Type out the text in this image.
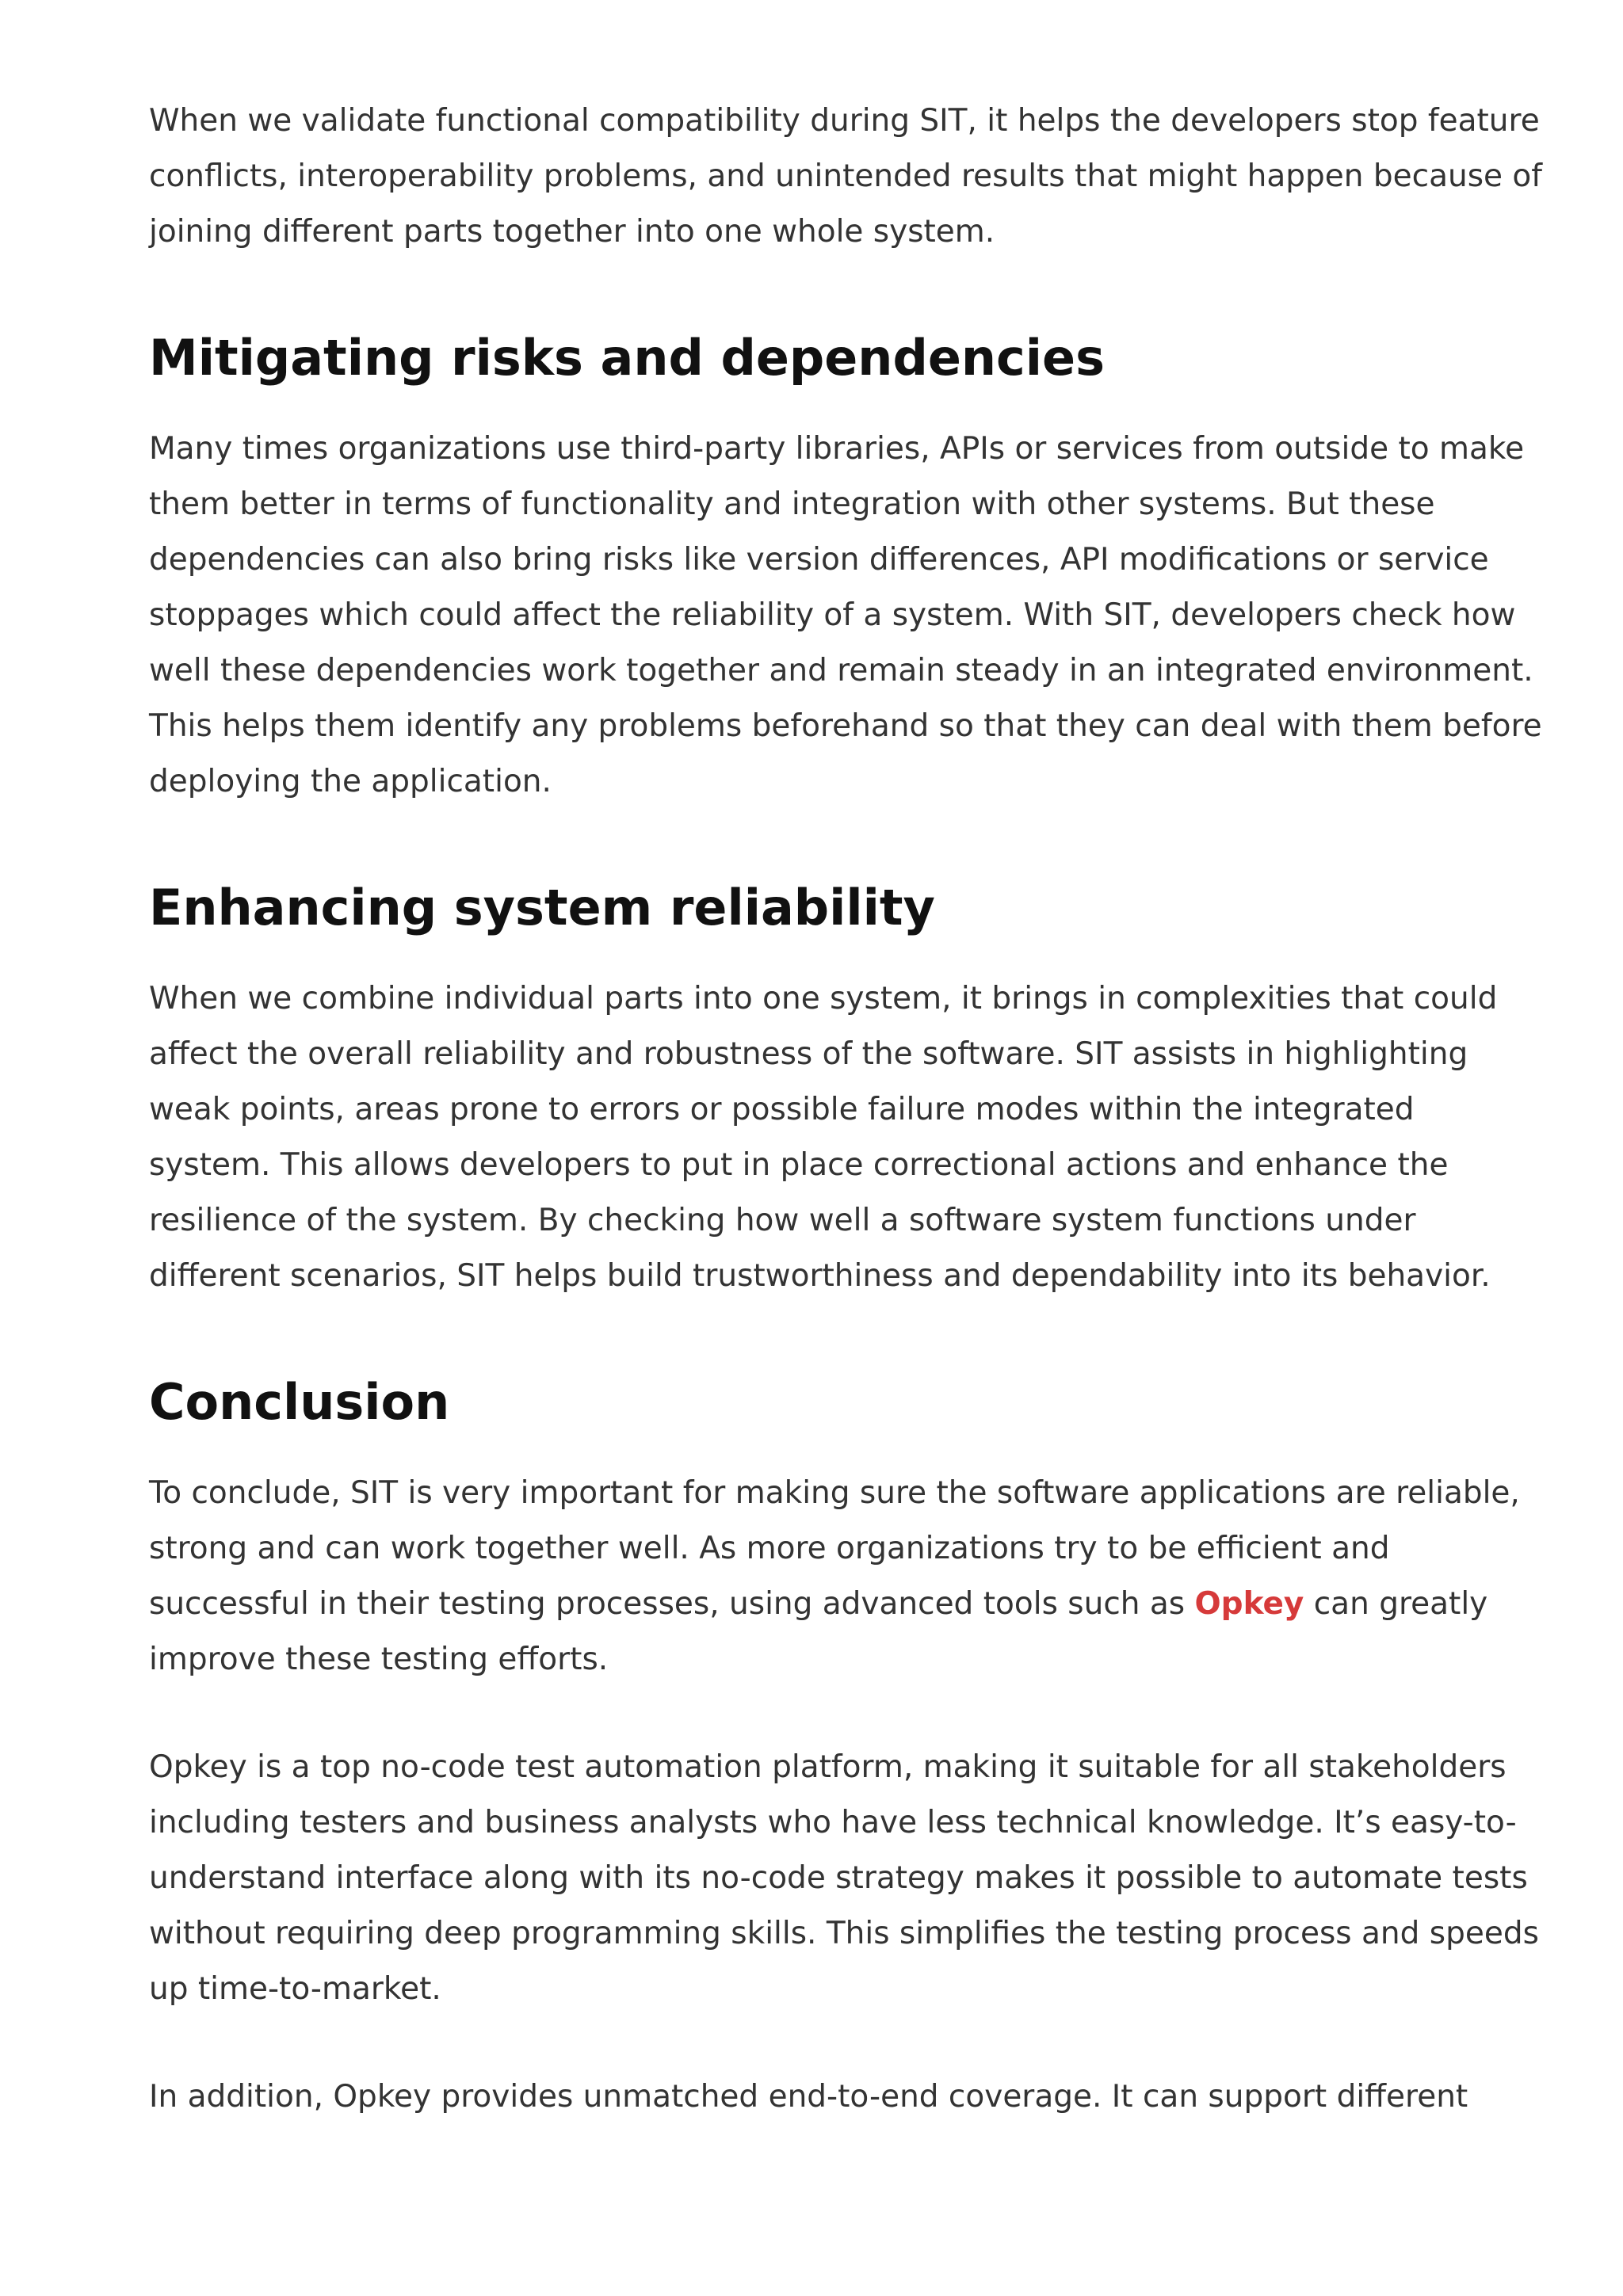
When we validate functional compatibility during SIT, it helps the developers stop feature conflicts, interoperability problems, and unintended results that might happen because of joining different parts together into one whole system.

Mitigating risks and dependencies

Many times organizations use third-party libraries, APIs or services from outside to make them better in terms of functionality and integration with other systems. But these dependencies can also bring risks like version differences, API modifications or service stoppages which could affect the reliability of a system. With SIT, developers check how well these dependencies work together and remain steady in an integrated environment. This helps them identify any problems beforehand so that they can deal with them before deploying the application.

Enhancing system reliability

When we combine individual parts into one system, it brings in complexities that could affect the overall reliability and robustness of the software. SIT assists in highlighting weak points, areas prone to errors or possible failure modes within the integrated system. This allows developers to put in place correctional actions and enhance the resilience of the system. By checking how well a software system functions under different scenarios, SIT helps build trustworthiness and dependability into its behavior.

Conclusion

To conclude, SIT is very important for making sure the software applications are reliable, strong and can work together well. As more organizations try to be efficient and successful in their testing processes, using advanced tools such as Opkey can greatly improve these testing efforts.

Opkey is a top no-code test automation platform, making it suitable for all stakeholders including testers and business analysts who have less technical knowledge. It’s easy-to-understand interface along with its no-code strategy makes it possible to automate tests without requiring deep programming skills. This simplifies the testing process and speeds up time-to-market.

In addition, Opkey provides unmatched end-to-end coverage. It can support different
